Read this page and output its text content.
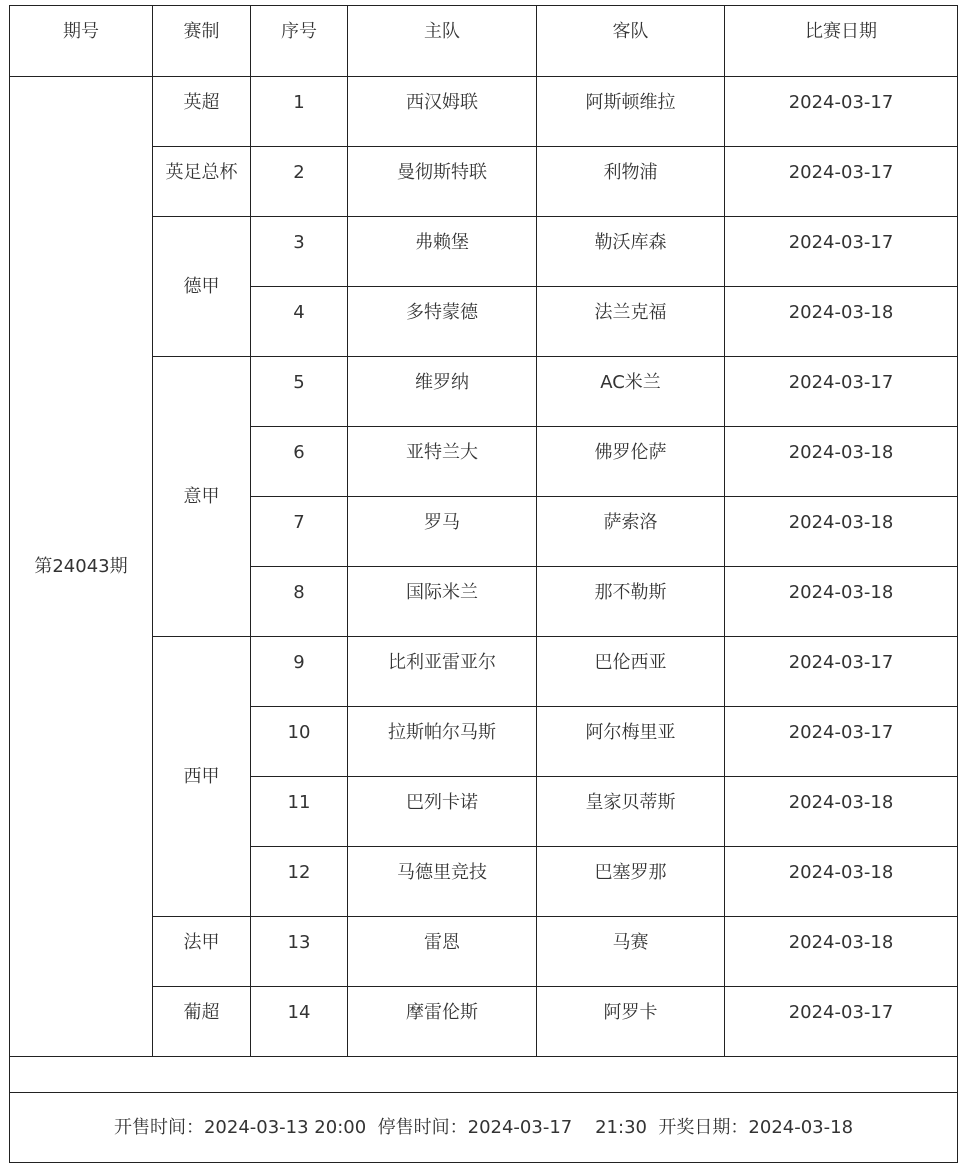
期号	赛制	序号	主队	客队	比赛日期
第24043期	英超	1	西汉姆联	阿斯顿维拉	2024-03-17
	英足总杯	2	曼彻斯特联	利物浦	2024-03-17
	德甲	3	弗赖堡	勒沃库森	2024-03-17
		4	多特蒙德	法兰克福	2024-03-18
	意甲	5	维罗纳	AC米兰	2024-03-17
		6	亚特兰大	佛罗伦萨	2024-03-18
		7	罗马	萨索洛	2024-03-18
		8	国际米兰	那不勒斯	2024-03-18
	西甲	9	比利亚雷亚尔	巴伦西亚	2024-03-17
		10	拉斯帕尔马斯	阿尔梅里亚	2024-03-17
		11	巴列卡诺	皇家贝蒂斯	2024-03-18
		12	马德里竞技	巴塞罗那	2024-03-18
	法甲	13	雷恩	马赛	2024-03-18
	葡超	14	摩雷伦斯	阿罗卡	2024-03-17

开售时间：2024-03-13 20:00  停售时间：2024-03-17    21:30  开奖日期：2024-03-18					
